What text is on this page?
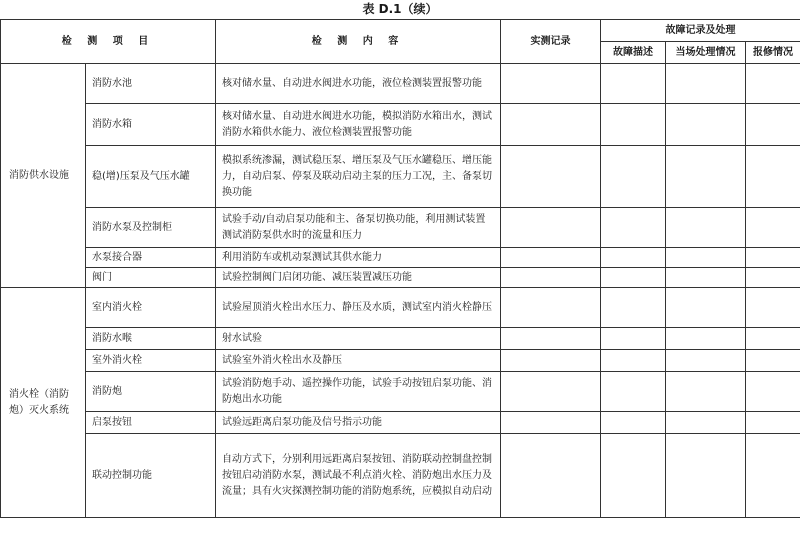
表 D.1（续）
检 测 项 目		检 测 内 容	实测记录	故障记录及处理		
				故障描述	当场处理情况	报修情况
消防供水设施	消防水池	核对储水量、自动进水阀进水功能，液位检测装置报警功能				
	消防水箱	核对储水量、自动进水阀进水功能，模拟消防水箱出水，测试消防水箱供水能力、液位检测装置报警功能				
	稳(增)压泵及气压水罐	模拟系统渗漏，测试稳压泵、增压泵及气压水罐稳压、增压能力，自动启泵、停泵及联动启动主泵的压力工况，主、备泵切换功能				
	消防水泵及控制柜	试验手动/自动启泵功能和主、备泵切换功能，利用测试装置测试消防泵供水时的流量和压力				
	水泵接合器	利用消防车或机动泵测试其供水能力				
	阀门	试验控制阀门启闭功能、减压装置减压功能				
消火栓（消防炮）灭火系统	室内消火栓	试验屋顶消火栓出水压力、静压及水质，测试室内消火栓静压				
	消防水喉	射水试验				
	室外消火栓	试验室外消火栓出水及静压				
	消防炮	试验消防炮手动、遥控操作功能，试验手动按钮启泵功能、消防炮出水功能				
	启泵按钮	试验远距离启泵功能及信号指示功能				
	联动控制功能	自动方式下，分别利用远距离启泵按钮、消防联动控制盘控制按钮启动消防水泵，测试最不利点消火栓、消防炮出水压力及流量；具有火灾探测控制功能的消防炮系统，应模拟自动启动				
